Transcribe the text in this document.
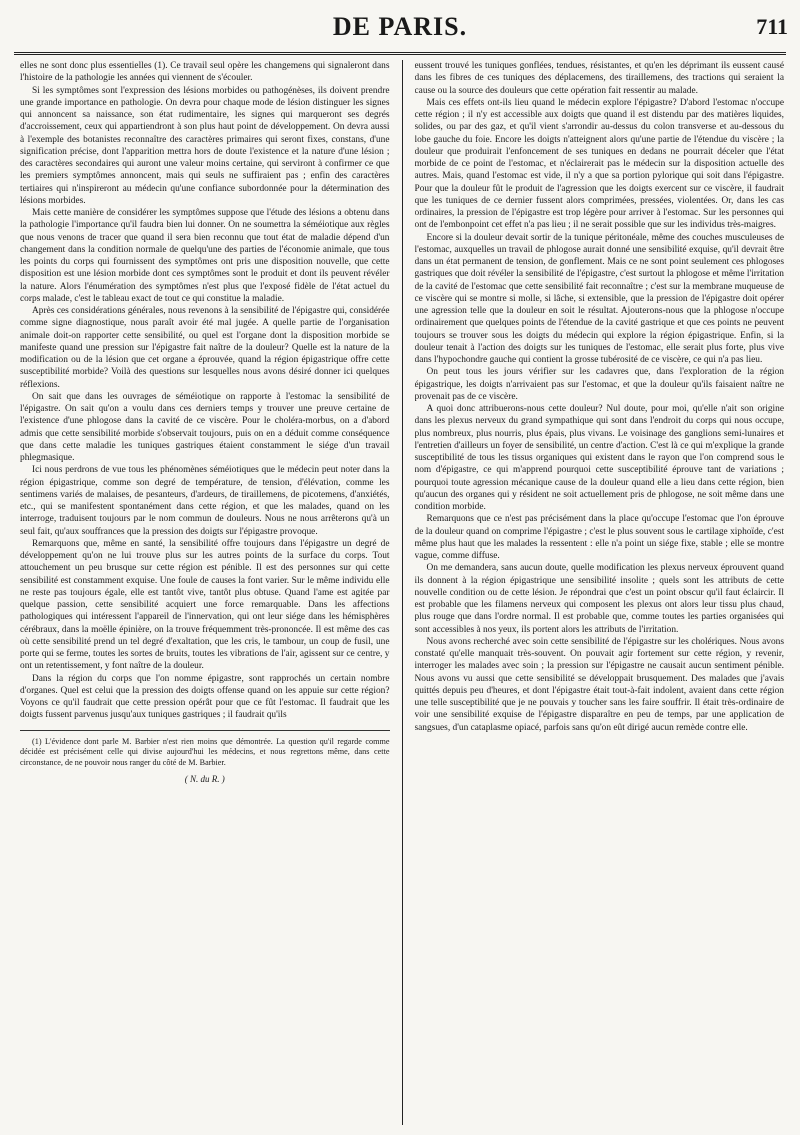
DE PARIS.	711

elles ne sont donc plus essentielles (1). Ce travail seul opère les changemens qui signaleront dans l'histoire de la pathologie les années qui viennent de s'écouler.

Si les symptômes sont l'expression des lésions morbides ou pathogénèses, ils doivent prendre une grande importance en pathologie. On devra pour chaque mode de lésion distinguer les signes qui annoncent sa naissance, son état rudimentaire, les signes qui marqueront ses degrés d'accroissement, ceux qui appartiendront à son plus haut point de développement. On devra aussi à l'exemple des botanistes reconnaître des caractères primaires qui seront fixes, constans, d'une signification précise, dont l'apparition mettra hors de doute l'existence et la nature d'une lésion ; des caractères secondaires qui auront une valeur moins certaine, qui serviront à confirmer ce que les premiers symptômes annoncent, mais qui seuls ne suffiraient pas ; enfin des caractères tertiaires qui n'inspireront au médecin qu'une confiance subordonnée pour la détermination des lésions morbides.

Mais cette manière de considérer les symptômes suppose que l'étude des lésions a obtenu dans la pathologie l'importance qu'il faudra bien lui donner. On ne soumettra la séméiotique aux règles que nous venons de tracer que quand il sera bien reconnu que tout état de maladie dépend d'un changement dans la condition normale de quelqu'une des parties de l'économie animale, que tous les points du corps qui fournissent des symptômes ont pris une disposition nouvelle, que cette disposition est une lésion morbide dont ces symptômes sont le produit et dont ils peuvent révéler la nature. Alors l'énumération des symptômes n'est plus que l'exposé fidèle de l'état actuel du corps malade, c'est le tableau exact de tout ce qui constitue la maladie.

Après ces considérations générales, nous revenons à la sensibilité de l'épigastre qui, considérée comme signe diagnostique, nous paraît avoir été mal jugée. A quelle partie de l'organisation animale doit-on rapporter cette sensibilité, ou quel est l'organe dont la disposition morbide se manifeste quand une pression sur l'épigastre fait naître de la douleur? Quelle est la nature de la modification ou de la lésion que cet organe a éprouvée, quand la région épigastrique offre cette susceptibilité morbide? Voilà des questions sur lesquelles nous avons désiré donner ici quelques réflexions.

On sait que dans les ouvrages de séméiotique on rapporte à l'estomac la sensibilité de l'épigastre. On sait qu'on a voulu dans ces derniers temps y trouver une preuve certaine de l'existence d'une phlogose dans la cavité de ce viscère. Pour le choléra-morbus, on a d'abord admis que cette sensibilité morbide s'observait toujours, puis on en a déduit comme conséquence que dans cette maladie les tuniques gastriques étaient constamment le siége d'un travail phlegmasique.

Ici nous perdrons de vue tous les phénomènes séméiotiques que le médecin peut noter dans la région épigastrique, comme son degré de température, de tension, d'élévation, comme les sentimens variés de malaises, de pesanteurs, d'ardeurs, de tiraillemens, de picotemens, d'anxiétés, etc., qui se manifestent spontanément dans cette région, et que les malades, quand on les interroge, traduisent toujours par le nom commun de douleurs. Nous ne nous arrêterons qu'à un seul fait, qu'aux souffrances que la pression des doigts sur l'épigastre provoque.

Remarquons que, même en santé, la sensibilité offre toujours dans l'épigastre un degré de développement qu'on ne lui trouve plus sur les autres points de la surface du corps. Tout attouchement un peu brusque sur cette région est pénible. Il est des personnes sur qui cette sensibilité est constamment exquise. Une foule de causes la font varier. Sur le même individu elle ne reste pas toujours égale, elle est tantôt vive, tantôt plus obtuse. Quand l'ame est agitée par quelque passion, cette sensibilité acquiert une force remarquable. Dans les affections pathologiques qui intéressent l'appareil de l'innervation, qui ont leur siége dans les hémisphères cérébraux, dans la moëlle épinière, on la trouve fréquemment très-prononcée. Il est même des cas où cette sensibilité prend un tel degré d'exaltation, que les cris, le tambour, un coup de fusil, une porte qui se ferme, toutes les sortes de bruits, toutes les vibrations de l'air, agissent sur ce centre, y ont un retentissement, y font naître de la douleur.

Dans la région du corps que l'on nomme épigastre, sont rapprochés un certain nombre d'organes. Quel est celui que la pression des doigts offense quand on les appuie sur cette région? Voyons ce qu'il faudrait que cette pression opérât pour que ce fût l'estomac. Il faudrait que les doigts fussent parvenus jusqu'aux tuniques gastriques ; il faudrait qu'ils

(1) L'évidence dont parle M. Barbier n'est rien moins que démontrée. La question qu'il regarde comme décidée est précisément celle qui divise aujourd'hui les médecins, et nous regrettons même, dans cette circonstance, de ne pouvoir nous ranger du côté de M. Barbier.

( N. du R. )

eussent trouvé les tuniques gonflées, tendues, résistantes, et qu'en les déprimant ils eussent causé dans les fibres de ces tuniques des déplacemens, des tiraillemens, des tractions qui seraient la cause ou la source des douleurs que cette opération fait ressentir au malade.

Mais ces effets ont-ils lieu quand le médecin explore l'épigastre? D'abord l'estomac n'occupe cette région ; il n'y est accessible aux doigts que quand il est distendu par des matières liquides, solides, ou par des gaz, et qu'il vient s'arrondir au-dessus du colon transverse et au-dessous du lobe gauche du foie. Encore les doigts n'atteignent alors qu'une partie de l'étendue du viscère ; la douleur que produirait l'enfoncement de ses tuniques en dedans ne pourrait déceler que l'état morbide de ce point de l'estomac, et n'éclairerait pas le médecin sur la disposition actuelle des autres. Mais, quand l'estomac est vide, il n'y a que sa portion pylorique qui soit dans l'épigastre. Pour que la douleur fût le produit de l'agression que les doigts exercent sur ce viscère, il faudrait que les tuniques de ce dernier fussent alors comprimées, pressées, violentées. Or, dans les cas ordinaires, la pression de l'épigastre est trop légère pour arriver à l'estomac. Sur les personnes qui ont de l'embonpoint cet effet n'a pas lieu ; il ne serait possible que sur les individus très-maigres.

Encore si la douleur devait sortir de la tunique péritonéale, même des couches musculeuses de l'estomac, auxquelles un travail de phlogose aurait donné une sensibilité exquise, qu'il devrait être dans un état permanent de tension, de gonflement. Mais ce ne sont point seulement ces phlogoses gastriques que doit révéler la sensibilité de l'épigastre, c'est surtout la phlogose et même l'irritation de la cavité de l'estomac que cette sensibilité fait reconnaître ; c'est sur la membrane muqueuse de ce viscère qui se montre si molle, si lâche, si extensible, que la pression de l'épigastre doit opérer une agression telle que la douleur en soit le résultat. Ajouterons-nous que la phlogose n'occupe ordinairement que quelques points de l'étendue de la cavité gastrique et que ces points ne peuvent toujours se trouver sous les doigts du médecin qui explore la région épigastrique. Enfin, si la douleur tenait à l'action des doigts sur les tuniques de l'estomac, elle serait plus forte, plus vive dans l'hypochondre gauche qui contient la grosse tubérosité de ce viscère, ce qui n'a pas lieu.

On peut tous les jours vérifier sur les cadavres que, dans l'exploration de la région épigastrique, les doigts n'arrivaient pas sur l'estomac, et que la douleur qu'ils faisaient naître ne provenait pas de ce viscère.

A quoi donc attribuerons-nous cette douleur? Nul doute, pour moi, qu'elle n'ait son origine dans les plexus nerveux du grand sympathique qui sont dans l'endroit du corps qui nous occupe, plus nombreux, plus nourris, plus épais, plus vivans. Le voisinage des ganglions semi-lunaires et l'entretien d'ailleurs un foyer de sensibilité, un centre d'action. C'est là ce qui m'explique la grande susceptibilité de tous les tissus organiques qui existent dans le rayon que l'on comprend sous le nom d'épigastre, ce qui m'apprend pourquoi cette susceptibilité éprouve tant de variations ; pourquoi toute agression mécanique cause de la douleur quand elle a lieu dans cette région, bien qu'aucun des organes qui y résident ne soit actuellement pris de phlogose, ne soit même dans une condition morbide.

Remarquons que ce n'est pas précisément dans la place qu'occupe l'estomac que l'on éprouve de la douleur quand on comprime l'épigastre ; c'est le plus souvent sous le cartilage xiphoïde, c'est même plus haut que les malades la ressentent : elle n'a point un siége fixe, stable ; elle se montre vague, comme diffuse.

On me demandera, sans aucun doute, quelle modification les plexus nerveux éprouvent quand ils donnent à la région épigastrique une sensibilité insolite ; quels sont les attributs de cette nouvelle condition ou de cette lésion. Je répondrai que c'est un point obscur qu'il faut éclaircir. Il est probable que les filamens nerveux qui composent les plexus ont alors leur tissu plus chaud, plus rouge que dans l'ordre normal. Il est probable que, comme toutes les parties organisées qui sont accessibles à nos yeux, ils portent alors les attributs de l'irritation.

Nous avons recherché avec soin cette sensibilité de l'épigastre sur les cholériques. Nous avons constaté qu'elle manquait très-souvent. On pouvait agir fortement sur cette région, y revenir, interroger les malades avec soin ; la pression sur l'épigastre ne causait aucun sentiment pénible. Nous avons vu aussi que cette sensibilité se développait brusquement. Des malades que j'avais quittés depuis peu d'heures, et dont l'épigastre était tout-à-fait indolent, avaient dans cette région une telle susceptibilité que je ne pouvais y toucher sans les faire souffrir. Il était très-ordinaire de voir une sensibilité exquise de l'épigastre disparaître en peu de temps, par une application de sangsues, d'un cataplasme opiacé, parfois sans qu'on eût dirigé aucun remède contre elle.
